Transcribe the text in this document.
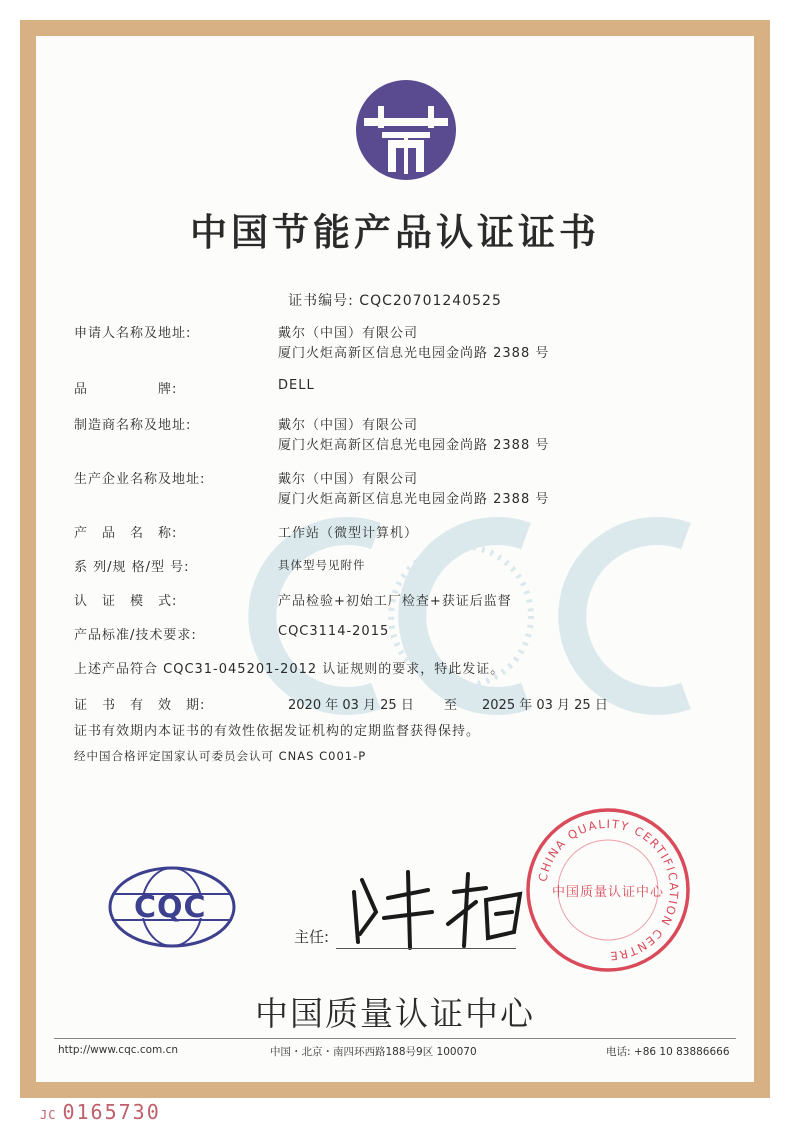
中国节能产品认证证书
证书编号: CQC20701240525
申请人名称及地址:	戴尔（中国）有限公司
厦门火炬高新区信息光电园金尚路 2388 号
品　　　　　牌:	DELL
制造商名称及地址:	戴尔（中国）有限公司
厦门火炬高新区信息光电园金尚路 2388 号
生产企业名称及地址:	戴尔（中国）有限公司
厦门火炬高新区信息光电园金尚路 2388 号
产　品　名　称:	工作站（微型计算机）
系 列/规 格/型 号:	具体型号见附件
认　证　模　式:	产品检验+初始工厂检查+获证后监督
产品标准/技术要求:	CQC3114-2015
上述产品符合 CQC31-045201-2012 认证规则的要求，特此发证。
证　书　有　效　期:	2020 年 03 月 25 日 至 2025 年 03 月 25 日
证书有效期内本证书的有效性依据发证机构的定期监督获得保持。
经中国合格评定国家认可委员会认可 CNAS C001-P
CQC
主任:
CHINA QUALITY CERTIFICATION CENTRE
中国质量认证中心
中国质量认证中心
http://www.cqc.com.cn	中国・北京・南四环西路188号9区 100070	电话: +86 10 83886666
JC 0165730
